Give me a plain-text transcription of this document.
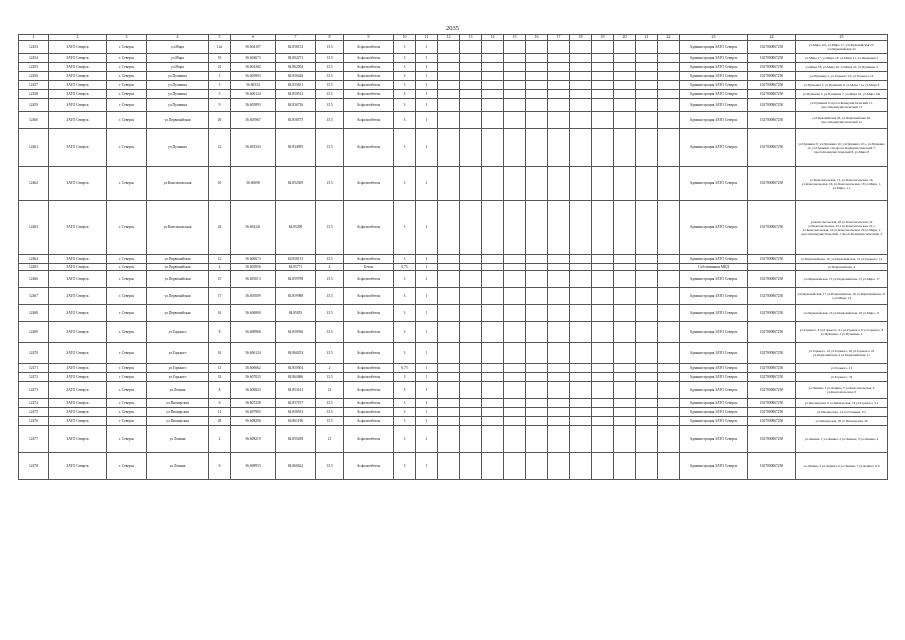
2035
1	2	3	4	5	6	7	8	9	10	11	12	13	14	15	16	17	18	19	20	21	22	23	24	25
12453	ЗАТО Северск	г. Северск	ул.Мира	12а	56.604107	84.858153	13.5	Асфальтобетон	3	1												Администрация ЗАТО Северск	1027000867250	ул.Мира 12а, ул.Мира 17, ул.Первомайская 23, ул.Первомайская 24
12454	ЗАТО Северск	г. Северск	ул.Мира	19	56.604673	84.802272	13.5	Асфальтобетон	3	1												Администрация ЗАТО Северск	1027000867250	ул.Мира 17, ул.Мира 19, ул.Мира 21, ул.Пионерия 2
12455	ЗАТО Северск	г. Северск	ул.Мира	22	56.604382	84.862054	13.5	Асфальтобетон	3	1												Администрация ЗАТО Северск	1027000867250	ул.Мира 18, ул.Мира 20, ул.Мира 22, ул.Пушкина 4
12456	ЗАТО Северск	г. Северск	ул.Пушкина	1	56.605893	84.836426	13.5	Асфальтобетон	3	1												Администрация ЗАТО Северск	1027000867250	ул.Пушкина 1, ул.Горького 10, ул.Горького 12
12457	ЗАТО Северск	г. Северск	ул.Пушкина	3	56.60534	84.835651	13.5	Асфальтобетон	3	1												Администрация ЗАТО Северск	1027000867250	ул.Пушкина 3, ул.Пушкина 9, ул.Мира 11а, ул.Мира 9
12458	ЗАТО Северск	г. Северск	ул.Пушкина	5	56.606124	84.850512	13.5	Асфальтобетон	3	1												Администрация ЗАТО Северск	1027000867250	ул.Пушкина 5, ул.Пушкина 7, ул.Мира 10, ул.Мира 10а
12459	ЗАТО Северск	г. Северск	ул.Пушкина	9	56.605893	84.836726	13.5	Асфальтобетон	3	1												Администрация ЗАТО Северск	1027000867250	ул.Пушкина 9, просп.Коммунистический 11, просп.Коммунистический 13
12460	ЗАТО Северск	г. Северск	ул.Первомайская	26	56.605967	84.858575	13.5	Асфальтобетон	3	1												Администрация ЗАТО Северск	1027000867250	ул.Первомайская 26, ул.Первомайская 28, просп.Коммунистический 15
12461	ЗАТО Северск	г. Северск	ул.Пушкина	12	56.603343	84.834995	13.5	Асфальтобетон	3	1												Администрация ЗАТО Северск	1027000867250	ул.Пушкина 8, ул.Пушкина 10, ул.Пушкина 10 а, ул.Пушкина 12, ул.Пушкина 12а,просп.Коммунистический 7, просп.Коммунистический 9, ул.Мира 8
12462	ЗАТО Северск	г. Северск	ул.Комсомольская	10	56.60698	84.852569	13.5	Асфальтобетон	3	1												Администрация ЗАТО Северск	1027000867250	ул.Комсомольская, 12, ул.Комсомольская, 14, ул.Комсомольская, 16, ул.Комсомольская, 18 ул.Мира, 1, ул.Мира, 1 а
12463	ЗАТО Северск	г. Северск	ул.Комсомольская	24	56.603241	84.85299	13.5	Асфальтобетон	3	1												Администрация ЗАТО Северск	1027000867250	ул.Комсомольская, 20 ул.Комсомольская, 22 ул.Комсомольская, 23 а ул.Комсомольская, 24 а ул.Комсомольская, 24 ул.Комсомольская, 26 ул.Мира, 2 просп.Коммунистический, 1 просп.Коммунистический, 3
12464	ЗАТО Северск	г. Северск	ул.Первомайская	12	56.606673	84.858113	13.5	Асфальтобетон	3	1												Администрация ЗАТО Северск	1027000867250	ул.Первомайская, 10, ул.Первомайская, 12 ул.Горького, 14
12465	ЗАТО Северск	г. Северск	ул.Первомайская	4	56.605856	84.85771	4	Бетон	0,75	1												Собственники МКД		ул.Первомайская, 4
12466	ЗАТО Северск	г. Северск	ул.Первомайская	15	56.605013	84.859798	13.5	Асфальтобетон	3	1												Администрация ЗАТО Северск	1027000867250	ул.Первомайская, 13 ул.Первомайская, 15 ул.Мира, 17
12467	ЗАТО Северск	г. Северск	ул.Первомайская	17	56.605009	84.859988	13.5	Асфальтобетон	3	1												Администрация ЗАТО Северск	1027000867250	ул.Первомайская, 17 ул.Первомайская, 19 ул.Первомайская, 21 а ул.Мира, 14
12468	ЗАТО Северск	г. Северск	ул.Первомайская	16	56.606869	84.85853	13.5	Асфальтобетон	3	1												Администрация ЗАТО Северск	1027000867250	ул.Первомайская, 16 ул.Первомайская, 18 ул.Мира, 11
12469	ЗАТО Северск	г. Северск	ул.Горького	8	56.608968	84.850936	13.5	Асфальтобетон	3	1												Администрация ЗАТО Северск	1027000867250	ул.Горького, 8 ул.Горького, 4 а ул.Горького, 6 ул.Горького, 8 ул.Пушкина, 2 ул.Пушкина, 4
12470	ЗАТО Северск	г. Северск	ул.Горького	16	56.606124	84.860253	13.5	Асфальтобетон	3	1												Администрация ЗАТО Северск	1027000867250	ул.Горького, 16 ул.Горького, 20 ул.Горького, 22 ул.Первомайская, 9 ул.Первомайская, 11
12471	ЗАТО Северск	г. Северск	ул.Горького	13	56.606662	84.850504	2	Асфальтобетон	0,75	1												Администрация ЗАТО Северск	1027000867250	ул.Горького, 13
12472	ЗАТО Северск	г. Северск	ул.Горького	33	56.607023	84.862686	13.5	Асфальтобетон	3	1												Администрация ЗАТО Северск	1027000867250	ул.Горького, 33
12473	ЗАТО Северск	г. Северск	ул.Ленина	8	56.606823	84.853141	21	Асфальтобетон	3	1												Администрация ЗАТО Северск	1027000867250	ул.Ленина, 3 ул.Ленина, 5 ул.Комсомольская, 6 ул.Комсомольская, 8
12474	ЗАТО Северск	г. Северск	ул.Пионерская	6	56.607238	84.857197	13.5	Асфальтобетон	3	1												Администрация ЗАТО Северск	1027000867250	ул.Пионерская, 6 ул.Пионерская, 10 ул.Горького, 3 а
12475	ЗАТО Северск	г. Северск	ул.Пионерская	14	56.607965	84.856913	13.5	Асфальтобетон	3	1												Администрация ЗАТО Северск	1027000867250	ул.Пионерская, 14 ул.Гагарина, 9 а
12476	ЗАТО Северск	г. Северск	ул.Пионерская	28	56.608206	84.861196	13.5	Асфальтобетон	3	1												Администрация ЗАТО Северск	1027000867250	ул.Пионерская, 28 ул.Пионерская, 30
12477	ЗАТО Северск	г. Северск	ул.Ленина	2	56.608219	84.855458	21	Асфальтобетон	3	1												Администрация ЗАТО Северск	1027000867250	ул.Ленина, 1 ул.Ленина, 2 ул.Ленина, 3 ул.Ленина, 4
12478	ЗАТО Северск	г. Северск	ул.Ленина	6	56.608953	84.860622	13.5	Асфальтобетон	3	1												Администрация ЗАТО Северск	1027000867250	ул.Ленина, 5 ул.Ленина, 6 ул.Ленина, 7 ул.Ленина, 6-6
